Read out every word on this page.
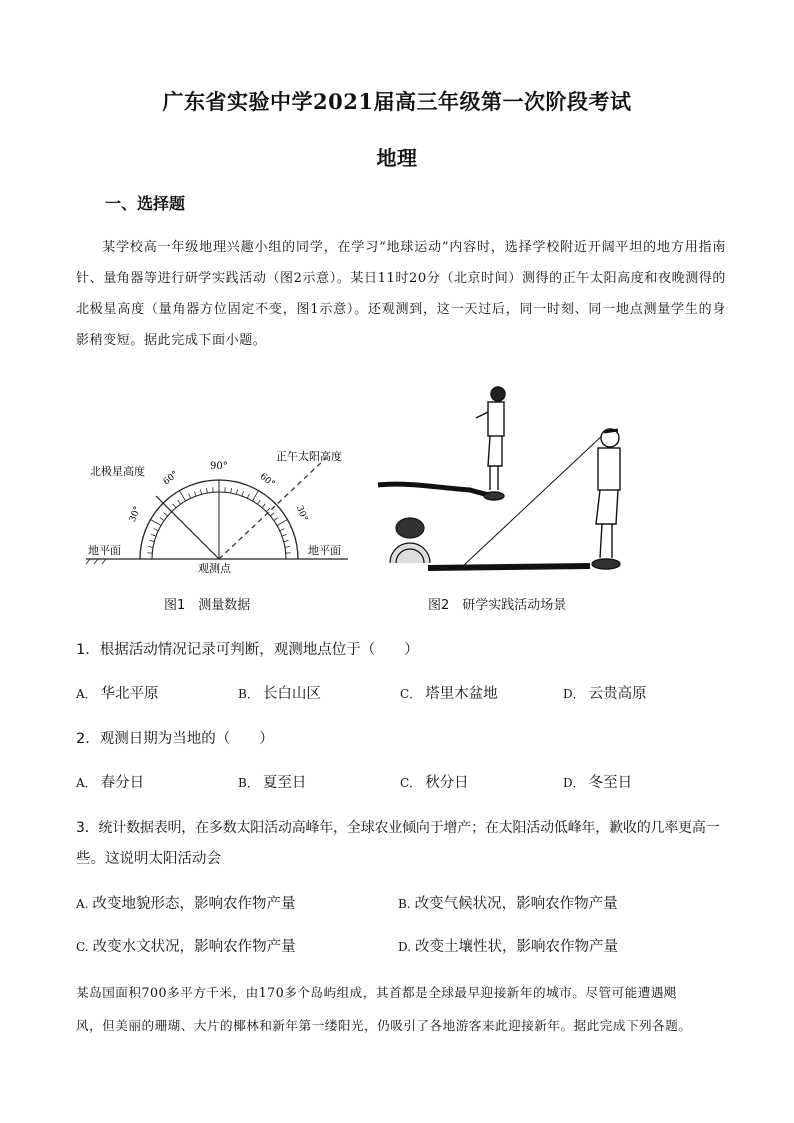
广东省实验中学2021届高三年级第一次阶段考试
地理
一、选择题
某学校高一年级地理兴趣小组的同学，在学习“地球运动”内容时，选择学校附近开阔平坦的地方用指南针、量角器等进行研学实践活动（图2示意）。某日11时20分（北京时间）测得的正午太阳高度和夜晚测得的北极星高度（量角器方位固定不变，图1示意）。还观测到，这一天过后，同一时刻、同一地点测量学生的身影稍变短。据此完成下面小题。
北极星高度
正午太阳高度
90°
60°
30°
60°
30°
地平面	地平面
观测点
图1　测量数据	图2　研学实践活动场景
1．根据活动情况记录可判断，观测地点位于（　　）
A． 华北平原	B． 长白山区	C． 塔里木盆地	D． 云贵高原
2．观测日期为当地的（　　）
A． 春分日	B． 夏至日	C． 秋分日	D． 冬至日
3．统计数据表明，在多数太阳活动高峰年，全球农业倾向于增产；在太阳活动低峰年，歉收的几率更高一
些。这说明太阳活动会
A. 改变地貌形态，影响农作物产量	B. 改变气候状况，影响农作物产量
C. 改变水文状况，影响农作物产量	D. 改变土壤性状，影响农作物产量
某岛国面积700多平方千米，由170多个岛屿组成，其首都是全球最早迎接新年的城市。尽管可能遭遇飓
风，但美丽的珊瑚、大片的椰林和新年第一缕阳光，仍吸引了各地游客来此迎接新年。据此完成下列各题。
